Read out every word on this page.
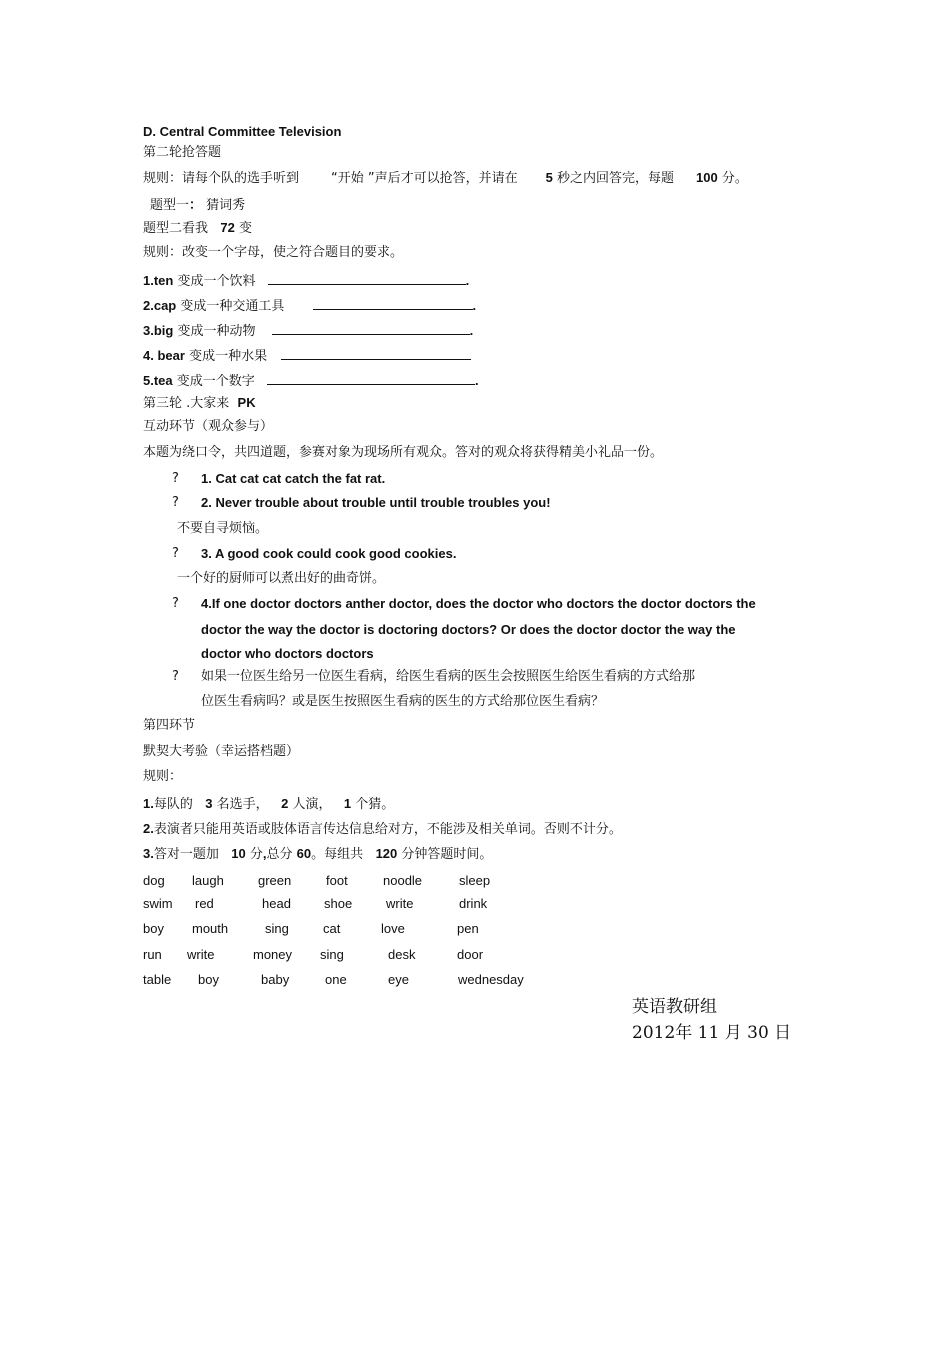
D. Central Committee Television
第二轮抢答题
规则：请每个队的选手听到 “开始 ”声后才可以抢答，并请在 5 秒之内回答完，每题 100 分。
题型一： 猜词秀
题型二看我 72 变
规则：改变一个字母，使之符合题目的要求。
1.ten 变成一个饮料	.
2.cap 变成一种交通工具	.
3.big 变成一种动物	.
4. bear 变成一种水果
5.tea 变成一个数字	.
第三轮 .大家来 PK
互动环节（观众参与）
本题为绕口令，共四道题，参赛对象为现场所有观众。答对的观众将获得精美小礼品一份。
? 1. Cat cat cat catch the fat rat.
? 2. Never trouble about trouble until trouble troubles you!
不要自寻烦恼。
? 3. A good cook could cook good cookies.
一个好的厨师可以煮出好的曲奇饼。
? 4.If one doctor doctors anther doctor, does the doctor who doctors the doctor doctors the
doctor the way the doctor is doctoring doctors? Or does the doctor doctor the way the
doctor who doctors doctors
? 如果一位医生给另一位医生看病，给医生看病的医生会按照医生给医生看病的方式给那
位医生看病吗？或是医生按照医生看病的医生的方式给那位医生看病？
第四环节
默契大考验（幸运搭档题）
规则：
1.每队的 3 名选手， 2 人演， 1 个猜。
2.表演者只能用英语或肢体语言传达信息给对方，不能涉及相关单词。否则不计分。
3.答对一题加 10 分,总分 60。每组共 120 分钟答题时间。
dog laugh	green	foot	noodle	sleep
swim red	head	shoe	write	drink
boy mouth	sing	cat	love	pen
run write	money sing	desk	door
table boy	baby	one	eye	wednesday
英语教研组
2012年 11 月 30 日
